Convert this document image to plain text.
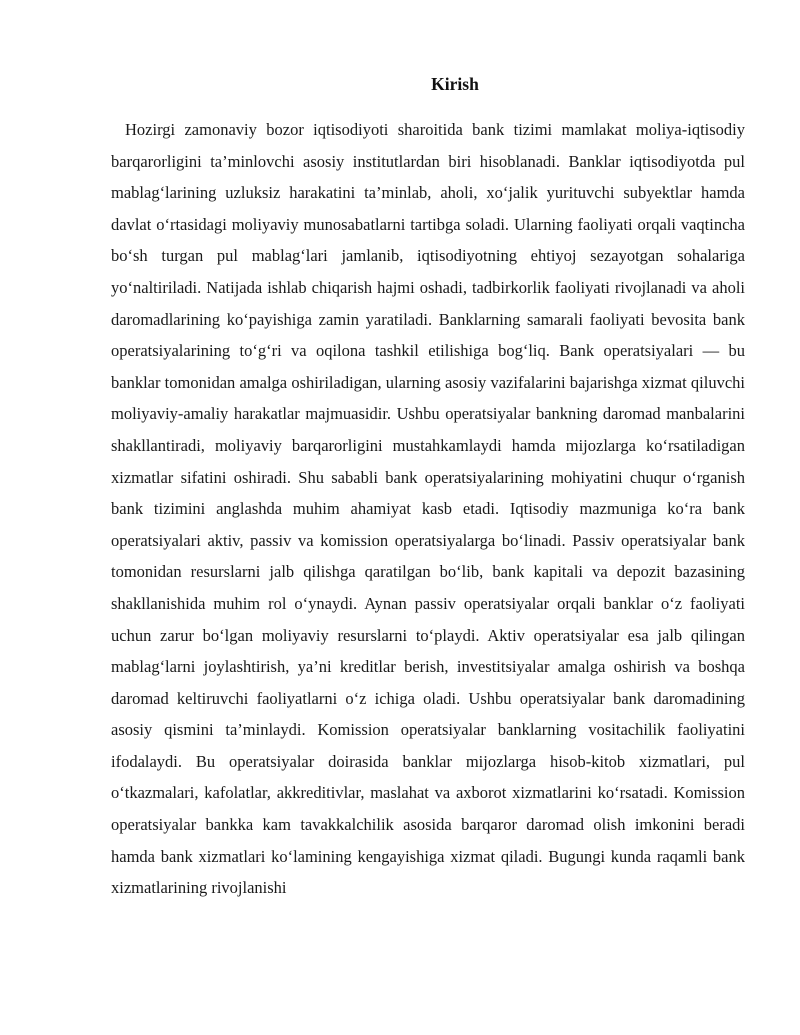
Kirish

Hozirgi zamonaviy bozor iqtisodiyoti sharoitida bank tizimi mamlakat moliya-iqtisodiy barqarorligini ta’minlovchi asosiy institutlardan biri hisoblanadi. Banklar iqtisodiyotda pul mablag‘larining uzluksiz harakatini ta’minlab, aholi, xo‘jalik yurituvchi subyektlar hamda davlat o‘rtasidagi moliyaviy munosabatlarni tartibga soladi. Ularning faoliyati orqali vaqtincha bo‘sh turgan pul mablag‘lari jamlanib, iqtisodiyotning ehtiyoj sezayotgan sohalariga yo‘naltiriladi. Natijada ishlab chiqarish hajmi oshadi, tadbirkorlik faoliyati rivojlanadi va aholi daromadlarining ko‘payishiga zamin yaratiladi. Banklarning samarali faoliyati bevosita bank operatsiyalarining to‘g‘ri va oqilona tashkil etilishiga bog‘liq. Bank operatsiyalari — bu banklar tomonidan amalga oshiriladigan, ularning asosiy vazifalarini bajarishga xizmat qiluvchi moliyaviy-amaliy harakatlar majmuasidir. Ushbu operatsiyalar bankning daromad manbalarini shakllantiradi, moliyaviy barqarorligini mustahkamlaydi hamda mijozlarga ko‘rsatiladigan xizmatlar sifatini oshiradi. Shu sababli bank operatsiyalarining mohiyatini chuqur o‘rganish bank tizimini anglashda muhim ahamiyat kasb etadi. Iqtisodiy mazmuniga ko‘ra bank operatsiyalari aktiv, passiv va komission operatsiyalarga bo‘linadi. Passiv operatsiyalar bank tomonidan resurslarni jalb qilishga qaratilgan bo‘lib, bank kapitali va depozit bazasining shakllanishida muhim rol o‘ynaydi. Aynan passiv operatsiyalar orqali banklar o‘z faoliyati uchun zarur bo‘lgan moliyaviy resurslarni to‘playdi. Aktiv operatsiyalar esa jalb qilingan mablag‘larni joylashtirish, ya’ni kreditlar berish, investitsiyalar amalga oshirish va boshqa daromad keltiruvchi faoliyatlarni o‘z ichiga oladi. Ushbu operatsiyalar bank daromadining asosiy qismini ta’minlaydi. Komission operatsiyalar banklarning vositachilik faoliyatini ifodalaydi. Bu operatsiyalar doirasida banklar mijozlarga hisob-kitob xizmatlari, pul o‘tkazmalari, kafolatlar, akkreditivlar, maslahat va axborot xizmatlarini ko‘rsatadi. Komission operatsiyalar bankka kam tavakkalchilik asosida barqaror daromad olish imkonini beradi hamda bank xizmatlari ko‘lamining kengayishiga xizmat qiladi. Bugungi kunda raqamli bank xizmatlarining rivojlanishi
